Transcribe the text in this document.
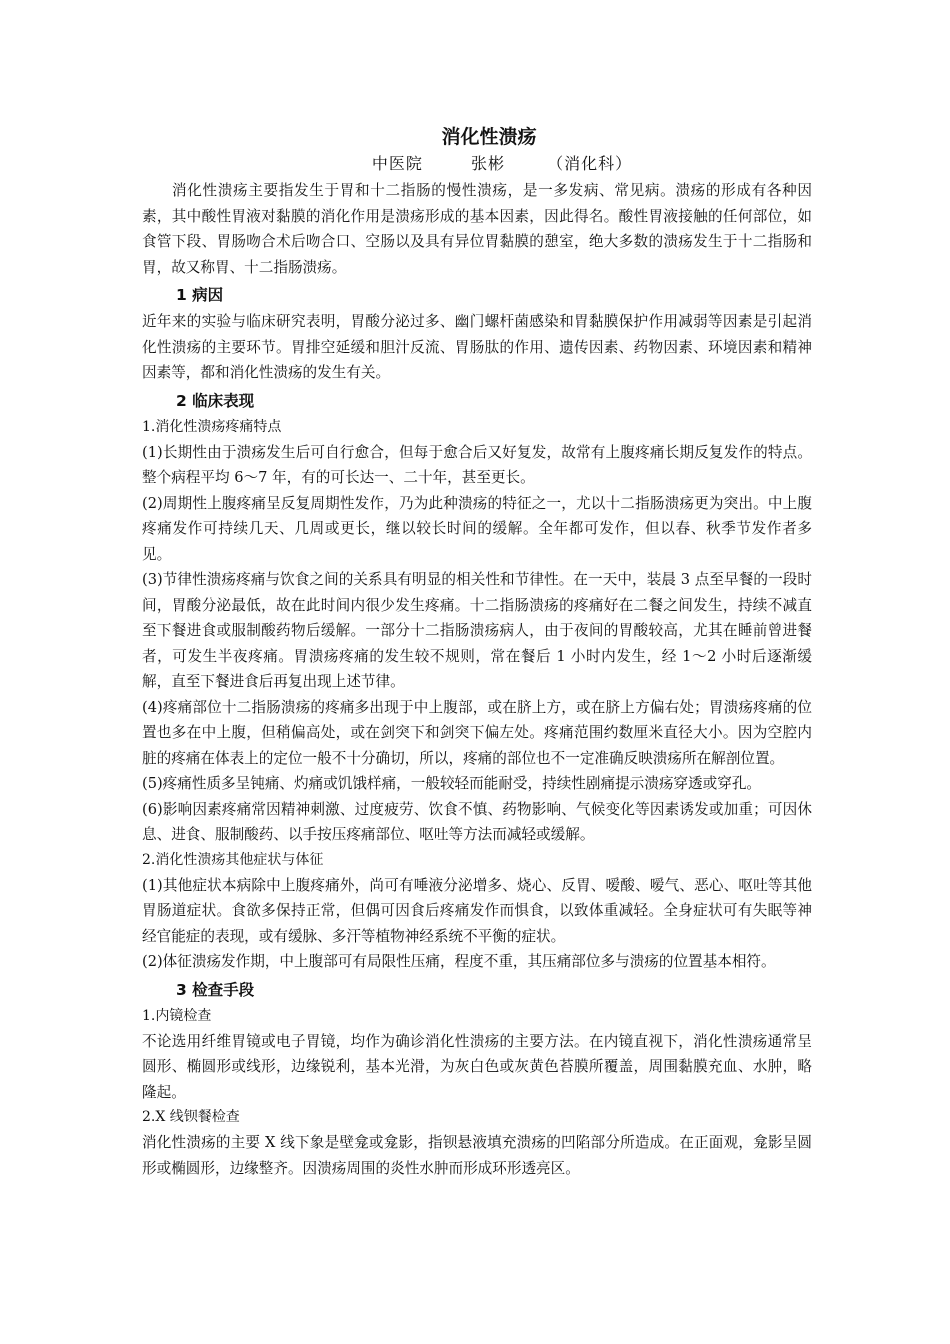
消化性溃疡
中医院	张彬	（消化科）

消化性溃疡主要指发生于胃和十二指肠的慢性溃疡，是一多发病、常见病。溃疡的形成有各种因素，其中酸性胃液对黏膜的消化作用是溃疡形成的基本因素，因此得名。酸性胃液接触的任何部位，如食管下段、胃肠吻合术后吻合口、空肠以及具有异位胃黏膜的憩室，绝大多数的溃疡发生于十二指肠和胃，故又称胃、十二指肠溃疡。

1 病因

近年来的实验与临床研究表明，胃酸分泌过多、幽门螺杆菌感染和胃黏膜保护作用减弱等因素是引起消化性溃疡的主要环节。胃排空延缓和胆汁反流、胃肠肽的作用、遗传因素、药物因素、环境因素和精神因素等，都和消化性溃疡的发生有关。

2 临床表现
1.消化性溃疡疼痛特点

(1)长期性由于溃疡发生后可自行愈合，但每于愈合后又好复发，故常有上腹疼痛长期反复发作的特点。整个病程平均 6～7 年，有的可长达一、二十年，甚至更长。

(2)周期性上腹疼痛呈反复周期性发作，乃为此种溃疡的特征之一，尤以十二指肠溃疡更为突出。中上腹疼痛发作可持续几天、几周或更长，继以较长时间的缓解。全年都可发作，但以春、秋季节发作者多见。

(3)节律性溃疡疼痛与饮食之间的关系具有明显的相关性和节律性。在一天中，装晨 3 点至早餐的一段时间，胃酸分泌最低，故在此时间内很少发生疼痛。十二指肠溃疡的疼痛好在二餐之间发生，持续不减直至下餐进食或服制酸药物后缓解。一部分十二指肠溃疡病人，由于夜间的胃酸较高，尤其在睡前曾进餐者，可发生半夜疼痛。胃溃疡疼痛的发生较不规则，常在餐后 1 小时内发生，经 1～2 小时后逐渐缓解，直至下餐进食后再复出现上述节律。

(4)疼痛部位十二指肠溃疡的疼痛多出现于中上腹部，或在脐上方，或在脐上方偏右处；胃溃疡疼痛的位置也多在中上腹，但稍偏高处，或在剑突下和剑突下偏左处。疼痛范围约数厘米直径大小。因为空腔内脏的疼痛在体表上的定位一般不十分确切，所以，疼痛的部位也不一定准确反映溃疡所在解剖位置。

(5)疼痛性质多呈钝痛、灼痛或饥饿样痛，一般较轻而能耐受，持续性剧痛提示溃疡穿透或穿孔。

(6)影响因素疼痛常因精神刺激、过度疲劳、饮食不慎、药物影响、气候变化等因素诱发或加重；可因休息、进食、服制酸药、以手按压疼痛部位、呕吐等方法而减轻或缓解。

2.消化性溃疡其他症状与体征

(1)其他症状本病除中上腹疼痛外，尚可有唾液分泌增多、烧心、反胃、嗳酸、嗳气、恶心、呕吐等其他胃肠道症状。食欲多保持正常，但偶可因食后疼痛发作而惧食，以致体重减轻。全身症状可有失眠等神经官能症的表现，或有缓脉、多汗等植物神经系统不平衡的症状。

(2)体征溃疡发作期，中上腹部可有局限性压痛，程度不重，其压痛部位多与溃疡的位置基本相符。

3 检查手段
1.内镜检查

不论选用纤维胃镜或电子胃镜，均作为确诊消化性溃疡的主要方法。在内镜直视下，消化性溃疡通常呈圆形、椭圆形或线形，边缘锐利，基本光滑，为灰白色或灰黄色苔膜所覆盖，周围黏膜充血、水肿，略隆起。

2.X 线钡餐检查

消化性溃疡的主要 X 线下象是壁龛或龛影，指钡悬液填充溃疡的凹陷部分所造成。在正面观，龛影呈圆形或椭圆形，边缘整齐。因溃疡周围的炎性水肿而形成环形透亮区。
